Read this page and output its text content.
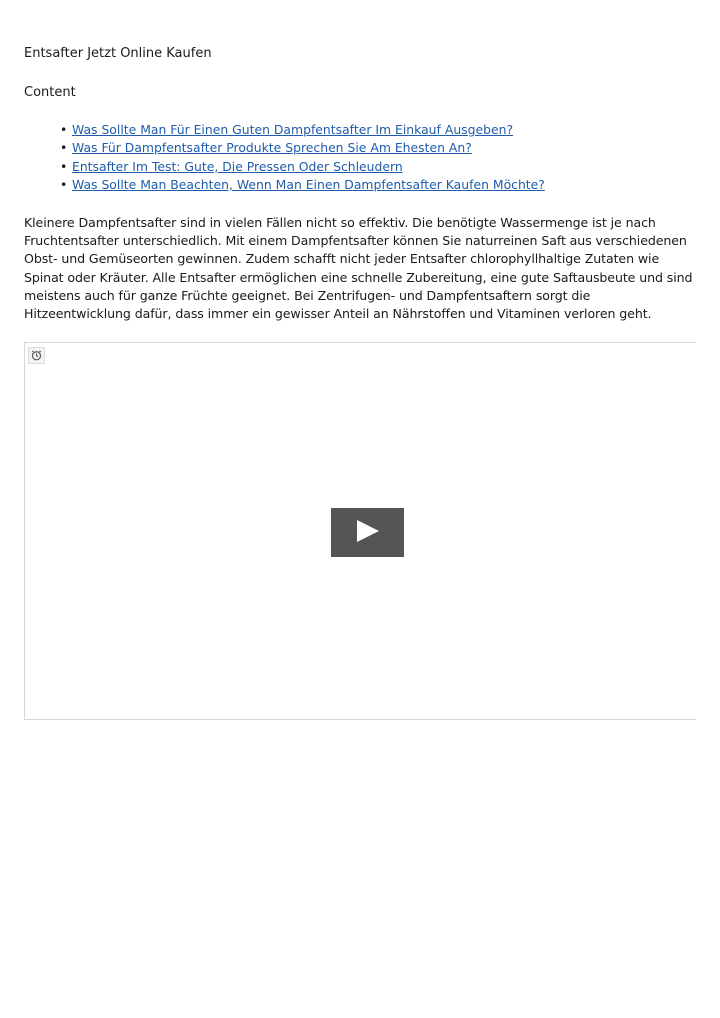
Entsafter Jetzt Online Kaufen
Content
• Was Sollte Man Für Einen Guten Dampfentsafter Im Einkauf Ausgeben?
• Was Für Dampfentsafter Produkte Sprechen Sie Am Ehesten An?
• Entsafter Im Test: Gute, Die Pressen Oder Schleudern
• Was Sollte Man Beachten, Wenn Man Einen Dampfentsafter Kaufen Möchte?

Kleinere Dampfentsafter sind in vielen Fällen nicht so effektiv. Die benötigte Wassermenge ist je nach Fruchtentsafter unterschiedlich. Mit einem Dampfentsafter können Sie naturreinen Saft aus verschiedenen Obst- und Gemüseorten gewinnen. Zudem schafft nicht jeder Entsafter chlorophyllhaltige Zutaten wie Spinat oder Kräuter. Alle Entsafter ermöglichen eine schnelle Zubereitung, eine gute Saftausbeute und sind meistens auch für ganze Früchte geeignet. Bei Zentrifugen- und Dampfentsaftern sorgt die Hitzeentwicklung dafür, dass immer ein gewisser Anteil an Nährstoffen und Vitaminen verloren geht.
